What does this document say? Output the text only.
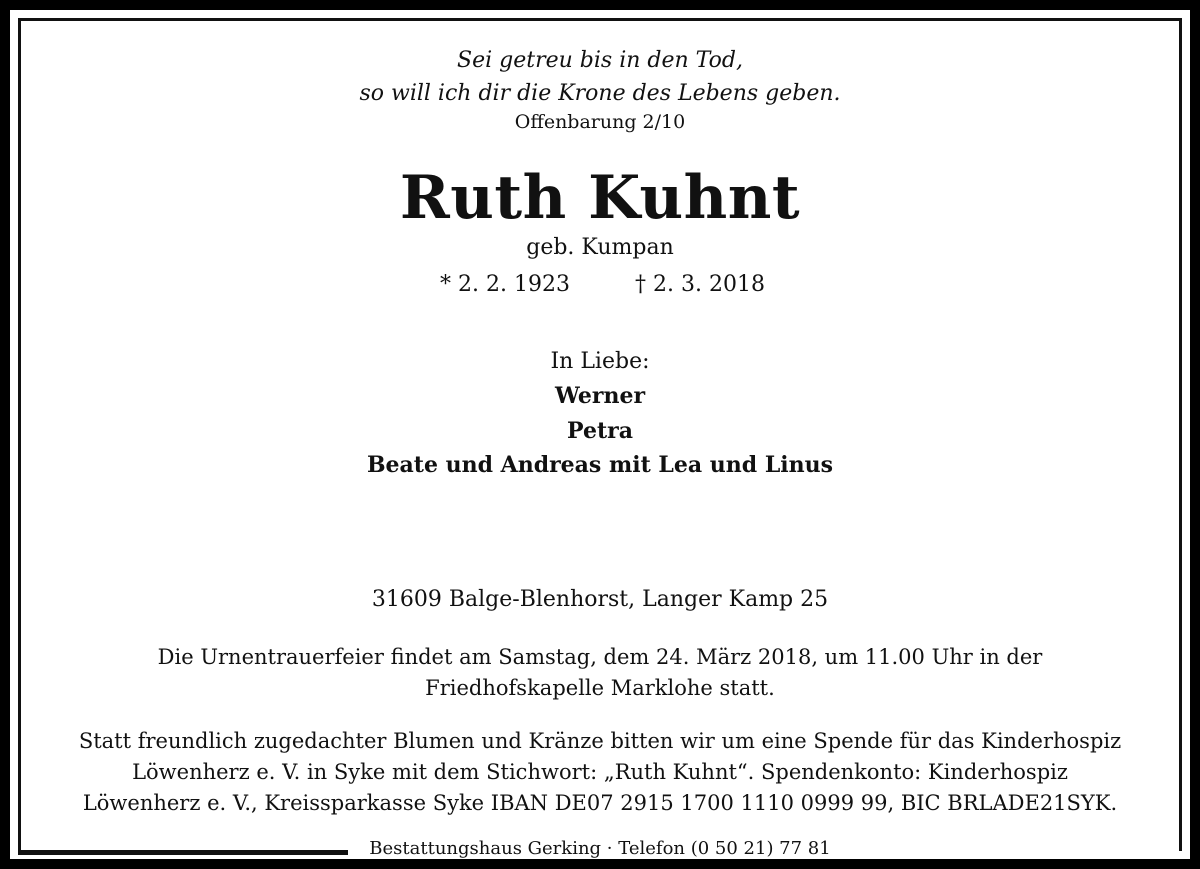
Sei getreu bis in den Tod,
so will ich dir die Krone des Lebens geben.
Offenbarung 2/10
Ruth Kuhnt
geb. Kumpan
* 2. 2. 1923	† 2. 3. 2018
In Liebe:
Werner
Petra
Beate und Andreas mit Lea und Linus
31609 Balge-Blenhorst, Langer Kamp 25
Die Urnentrauerfeier findet am Samstag, dem 24. März 2018, um 11.00 Uhr in der
Friedhofskapelle Marklohe statt.
Statt freundlich zugedachter Blumen und Kränze bitten wir um eine Spende für das Kinderhospiz
Löwenherz e. V. in Syke mit dem Stichwort: „Ruth Kuhnt“. Spendenkonto: Kinderhospiz
Löwenherz e. V., Kreissparkasse Syke IBAN DE07 2915 1700 1110 0999 99, BIC BRLADE21SYK.
Bestattungshaus Gerking · Telefon (0 50 21) 77 81
